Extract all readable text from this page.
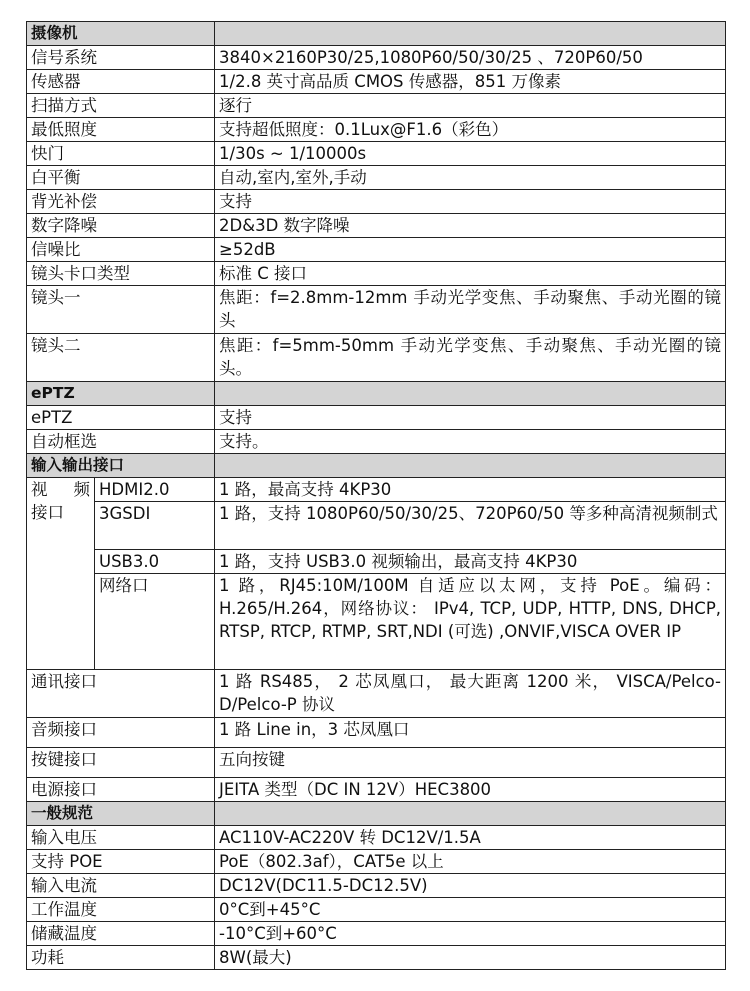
摄像机		
信号系统		3840×2160P30/25,1080P60/50/30/25 、720P60/50
传感器		1/2.8 英寸高品质 CMOS 传感器，851 万像素
扫描方式		逐行
最低照度		支持超低照度：0.1Lux@F1.6（彩色）
快门		1/30s ~ 1/10000s
白平衡		自动,室内,室外,手动
背光补偿		支持
数字降噪		2D&3D 数字降噪
信噪比		≥52dB
镜头卡口类型		标准 C 接口
镜头一		焦距：f=2.8mm-12mm 手动光学变焦、手动聚焦、手动光圈的镜头
镜头二		焦距：f=5mm-50mm 手动光学变焦、手动聚焦、手动光圈的镜头。
ePTZ		
ePTZ		支持
自动框选		支持。
输入输出接口		
视 频 接口	HDMI2.0	1 路，最高支持 4KP30
	3GSDI	1 路，支持 1080P60/50/30/25、720P60/50 等多种高清视频制式
	USB3.0	1 路，支持 USB3.0 视频输出，最高支持 4KP30
	网络口	1 路，RJ45:10M/100M 自适应以太网，支持 PoE。编码：H.265/H.264，网络协议： IPv4, TCP, UDP, HTTP, DNS, DHCP, RTSP, RTCP, RTMP, SRT,NDI (可选) ,ONVIF,VISCA OVER IP
通讯接口		1 路 RS485， 2 芯凤凰口， 最大距离 1200 米， VISCA/Pelco-D/Pelco-P 协议
音频接口		1 路 Line in，3 芯凤凰口
按键接口		五向按键
电源接口		JEITA 类型（DC IN 12V）HEC3800
一般规范		
输入电压		AC110V-AC220V 转 DC12V/1.5A
支持 POE		PoE（802.3af），CAT5e 以上
输入电流		DC12V(DC11.5-DC12.5V)
工作温度		0°C到+45°C
储藏温度		-10°C到+60°C
功耗		8W(最大)
